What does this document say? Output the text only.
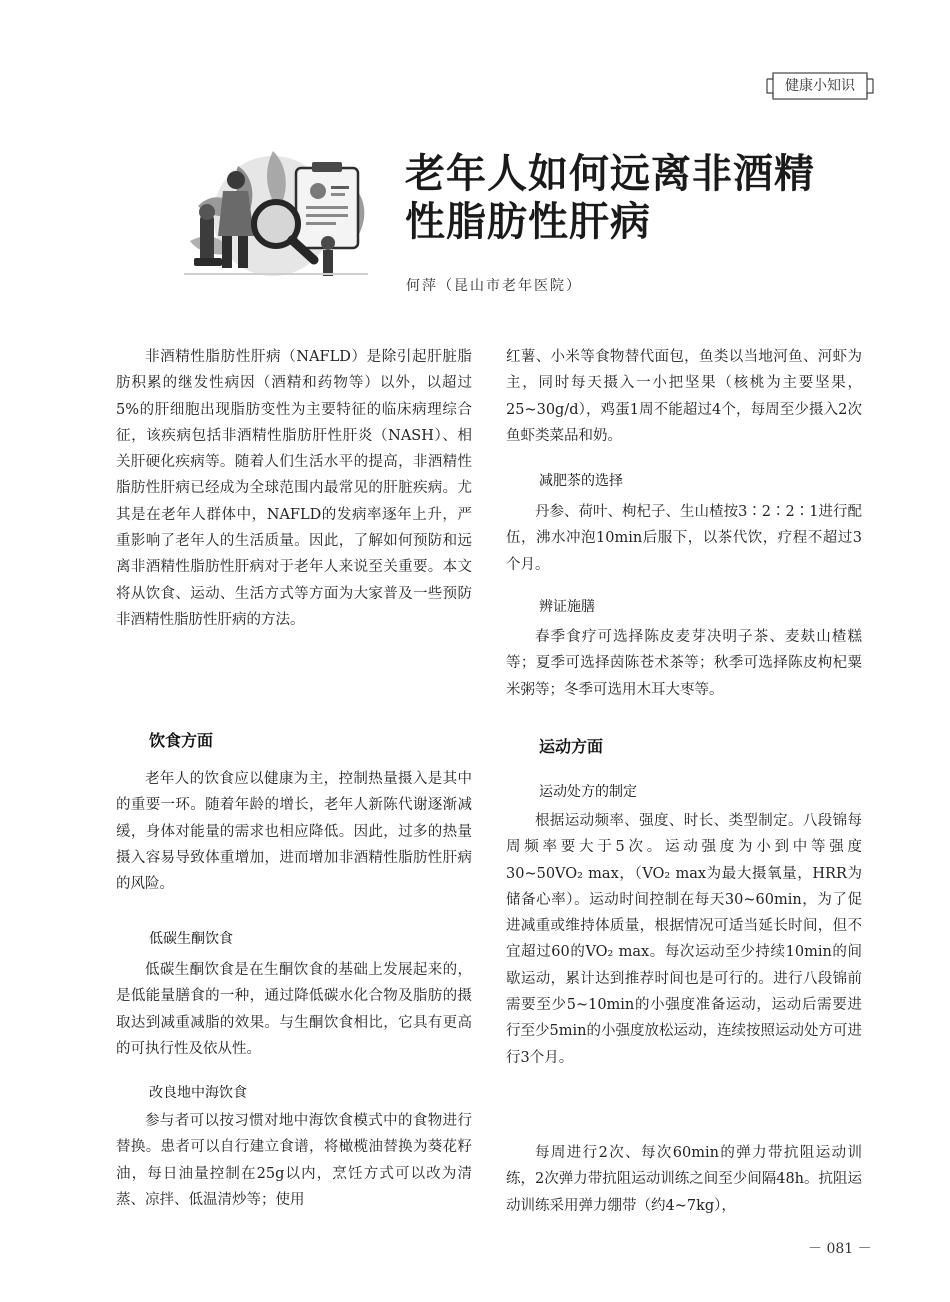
健康小知识
老年人如何远离非酒精
性脂肪性肝病
何萍（昆山市老年医院）

非酒精性脂肪性肝病（NAFLD）是除引起肝脏脂肪积累的继发性病因（酒精和药物等）以外，以超过5%的肝细胞出现脂肪变性为主要特征的临床病理综合征，该疾病包括非酒精性脂肪肝性肝炎（NASH）、相关肝硬化疾病等。随着人们生活水平的提高，非酒精性脂肪性肝病已经成为全球范围内最常见的肝脏疾病。尤其是在老年人群体中，NAFLD的发病率逐年上升，严重影响了老年人的生活质量。因此，了解如何预防和远离非酒精性脂肪性肝病对于老年人来说至关重要。本文将从饮食、运动、生活方式等方面为大家普及一些预防非酒精性脂肪性肝病的方法。

饮食方面

老年人的饮食应以健康为主，控制热量摄入是其中的重要一环。随着年龄的增长，老年人新陈代谢逐渐减缓，身体对能量的需求也相应降低。因此，过多的热量摄入容易导致体重增加，进而增加非酒精性脂肪性肝病的风险。

低碳生酮饮食

低碳生酮饮食是在生酮饮食的基础上发展起来的，是低能量膳食的一种，通过降低碳水化合物及脂肪的摄取达到减重减脂的效果。与生酮饮食相比，它具有更高的可执行性及依从性。

改良地中海饮食

参与者可以按习惯对地中海饮食模式中的食物进行替换。患者可以自行建立食谱，将橄榄油替换为葵花籽油，每日油量控制在25g以内，烹饪方式可以改为清蒸、凉拌、低温清炒等；使用

红薯、小米等食物替代面包，鱼类以当地河鱼、河虾为主，同时每天摄入一小把坚果（核桃为主要坚果，25~30g/d），鸡蛋1周不能超过4个，每周至少摄入2次鱼虾类菜品和奶。

减肥茶的选择

丹参、荷叶、枸杞子、生山楂按3∶2∶2∶1进行配伍，沸水冲泡10min后服下，以茶代饮，疗程不超过3个月。

辨证施膳

春季食疗可选择陈皮麦芽决明子茶、麦麸山楂糕等；夏季可选择茵陈苍术茶等；秋季可选择陈皮枸杞粟米粥等；冬季可选用木耳大枣等。

运动方面
运动处方的制定

根据运动频率、强度、时长、类型制定。八段锦每周频率要大于5次。运动强度为小到中等强度30~50VO₂ max，（VO₂ max为最大摄氧量，HRR为储备心率）。运动时间控制在每天30~60min，为了促进减重或维持体质量，根据情况可适当延长时间，但不宜超过60的VO₂ max。每次运动至少持续10min的间歇运动，累计达到推荐时间也是可行的。进行八段锦前需要至少5~10min的小强度准备运动，运动后需要进行至少5min的小强度放松运动，连续按照运动处方可进行3个月。

每周进行2次、每次60min的弹力带抗阻运动训练，2次弹力带抗阻运动训练之间至少间隔48h。抗阻运动训练采用弹力绷带（约4~7kg），

－ 081 －
